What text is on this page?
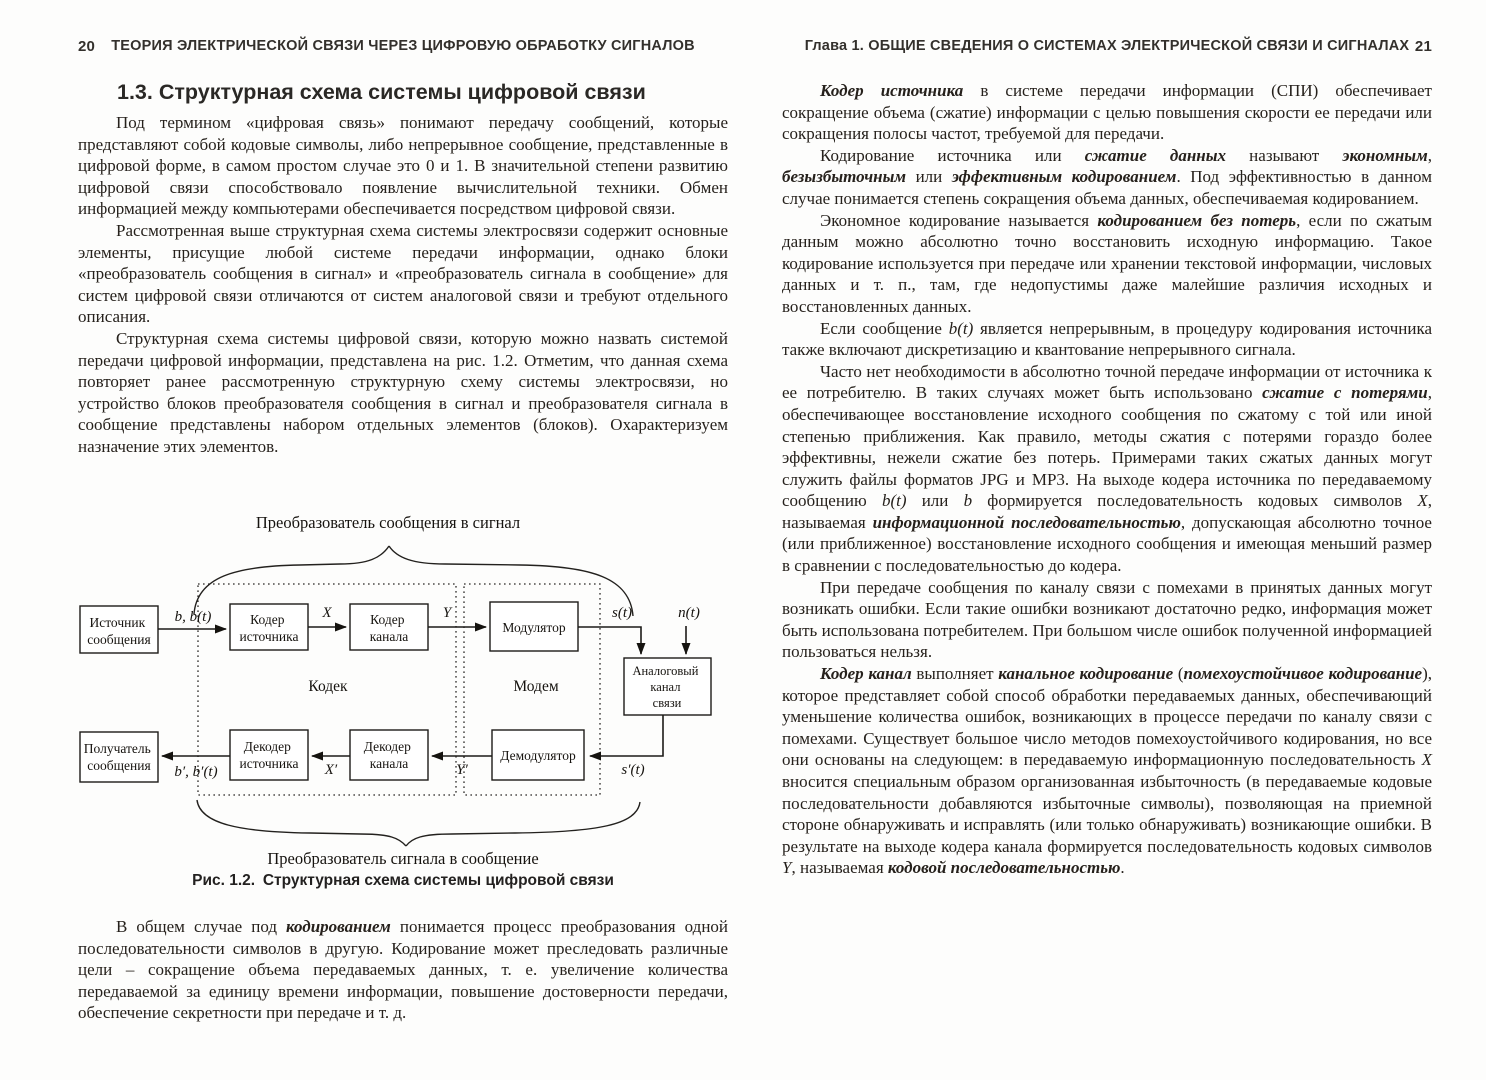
20	ТЕОРИЯ ЭЛЕКТРИЧЕСКОЙ СВЯЗИ ЧЕРЕЗ ЦИФРОВУЮ ОБРАБОТКУ СИГНАЛОВ
1.3. Структурная схема системы цифровой связи

Под термином «цифровая связь» понимают передачу сообщений, которые представляют собой кодовые символы, либо непрерывное сообщение, представленные в цифровой форме, в самом простом случае это 0 и 1. В значительной степени развитию цифровой связи способствовало появление вычислительной техники. Обмен информацией между компьютерами обеспечивается посредством цифровой связи.

Рассмотренная выше структурная схема системы электросвязи содержит основные элементы, присущие любой системе передачи информации, однако блоки «преобразователь сообщения в сигнал» и «преобразователь сигнала в сообщение» для систем цифровой связи отличаются от систем аналоговой связи и требуют отдельного описания.

Структурная схема системы цифровой связи, которую можно назвать системой передачи цифровой информации, представлена на рис. 1.2. Отметим, что данная схема повторяет ранее рассмотренную структурную схему системы электросвязи, но устройство блоков преобразователя сообщения в сигнал и преобразователя сигнала в сообщение представлены набором отдельных элементов (блоков). Охарактеризуем назначение этих элементов.

Преобразователь сообщения в сигнал
Кодек	Модем
b, b(t)	X	Y	s(t)	n(t)
s′(t)
Y′
X′
b′, b′(t)
Источник сообщения
Кодер источника
Кодер канала
Модулятор
Аналоговый канал связи
Получатель сообщения
Декодер источника
Декодер канала
Демодулятор
Преобразователь сигнала в сообщение
Рис. 1.2. Структурная схема системы цифровой связи

В общем случае под кодированием понимается процесс преобразования одной последовательности символов в другую. Кодирование может преследовать различные цели – сокращение объема передаваемых данных, т. е. увеличение количества передаваемой за единицу времени информации, повышение достоверности передачи, обеспечение секретности при передаче и т. д.

Глава 1. ОБЩИЕ СВЕДЕНИЯ О СИСТЕМАХ ЭЛЕКТРИЧЕСКОЙ СВЯЗИ И СИГНАЛАХ 21

Кодер источника в системе передачи информации (СПИ) обеспечивает сокращение объема (сжатие) информации с целью повышения скорости ее передачи или сокращения полосы частот, требуемой для передачи.

Кодирование источника или сжатие данных называют экономным, безызбыточным или эффективным кодированием. Под эффективностью в данном случае понимается степень сокращения объема данных, обеспечиваемая кодированием.

Экономное кодирование называется кодированием без потерь, если по сжатым данным можно абсолютно точно восстановить исходную информацию. Такое кодирование используется при передаче или хранении текстовой информации, числовых данных и т. п., там, где недопустимы даже малейшие различия исходных и восстановленных данных.

Если сообщение b(t) является непрерывным, в процедуру кодирования источника также включают дискретизацию и квантование непрерывного сигнала.

Часто нет необходимости в абсолютно точной передаче информации от источника к ее потребителю. В таких случаях может быть использовано сжатие с потерями, обеспечивающее восстановление исходного сообщения по сжатому с той или иной степенью приближения. Как правило, методы сжатия с потерями гораздо более эффективны, нежели сжатие без потерь. Примерами таких сжатых данных могут служить файлы форматов JPG и MP3. На выходе кодера источника по передаваемому сообщению b(t) или b формируется последовательность кодовых символов X, называемая информационной последовательностью, допускающая абсолютно точное (или приближенное) восстановление исходного сообщения и имеющая меньший размер в сравнении с последовательностью до кодера.

При передаче сообщения по каналу связи с помехами в принятых данных могут возникать ошибки. Если такие ошибки возникают достаточно редко, информация может быть использована потребителем. При большом числе ошибок полученной информацией пользоваться нельзя.

Кодер канал выполняет канальное кодирование (помехоустойчивое кодирование), которое представляет собой способ обработки передаваемых данных, обеспечивающий уменьшение количества ошибок, возникающих в процессе передачи по каналу связи с помехами. Существует большое число методов помехоустойчивого кодирования, но все они основаны на следующем: в передаваемую информационную последовательность X вносится специальным образом организованная избыточность (в передаваемые кодовые последовательности добавляются избыточные символы), позволяющая на приемной стороне обнаруживать и исправлять (или только обнаруживать) возникающие ошибки. В результате на выходе кодера канала формируется последовательность кодовых символов Y, называемая кодовой последовательностью.
